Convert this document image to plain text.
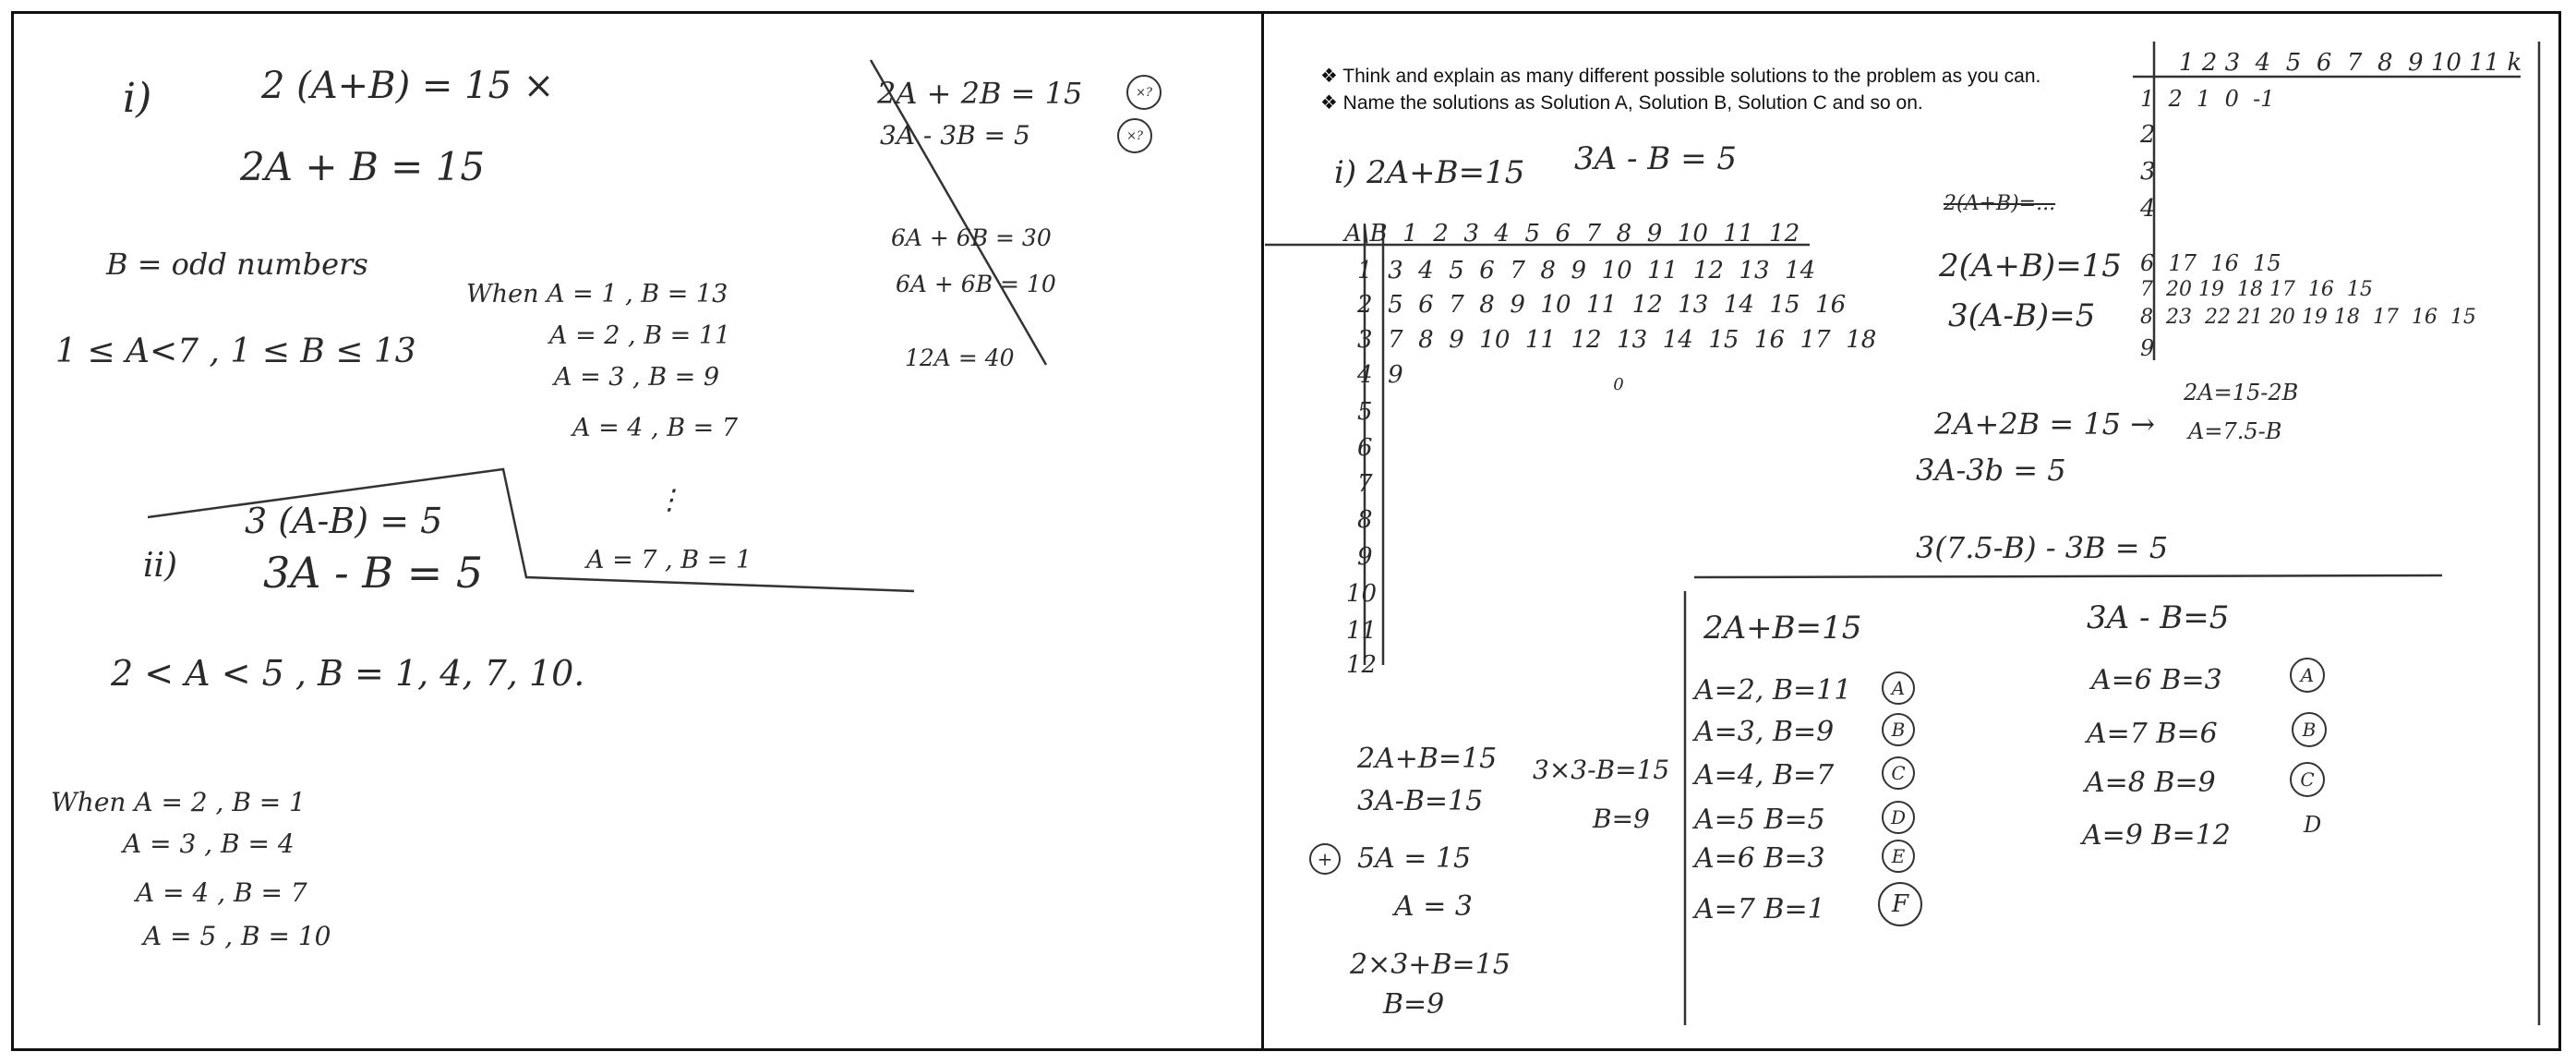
i)	2 (A+B) = 15 ×
2A + B = 15
B = odd numbers
1 ≤ A<7 , 1 ≤ B ≤ 13
When A = 1 , B = 13
A = 2 , B = 11
A = 3 , B = 9
A = 4 , B = 7
⋮
A = 7 , B = 1
2A + 2B = 15
3A - 3B = 5
×?
×?
6A + 6B = 30
6A + 6B = 10
12A = 40
ii)
3 (A-B) = 5
3A - B = 5
2 < A < 5 , B = 1, 4, 7, 10.
When A = 2 , B = 1
A = 3 , B = 4
A = 4 , B = 7
A = 5 , B = 10
❖ Think and explain as many different possible solutions to the problem as you can.
❖ Name the solutions as Solution A, Solution B, Solution C and so on.
i) 2A+B=15 3A - B = 5
A\B  1  2  3  4  5  6  7  8  9  10  11  12
1  3  4  5  6  7  8  9  10  11  12  13  14
2  5  6  7  8  9  10  11  12  13  14  15  16
3  7  8  9  10  11  12  13  14  15  16  17  18
4  9
5
6
7
8
9
10
11
12
0
1 2 3  4  5  6  7  8  9 10 11 k
1  2  1  0  -1
2
3
4
6  17  16  15
7  20 19  18 17  16  15
8  23  22 21 20 19 18  17  16  15
9
2(A+B)=...
2(A+B)=15
3(A-B)=5
2A=15-2B
2A+2B = 15 → A=7.5-B
3A-3b = 5
3(7.5-B) - 3B = 5
2A+B=15
3A-B=15
+ 5A = 15
A = 3
2×3+B=15
B=9
3×3-B=15
B=9
2A+B=15
A=2, B=11	A
A=3, B=9	B
A=4, B=7	C
A=5 B=5	D
A=6 B=3	E
A=7 B=1	F
3A - B=5
A=6 B=3	A
A=7 B=6	B
A=8 B=9	C
A=9 B=12	D
